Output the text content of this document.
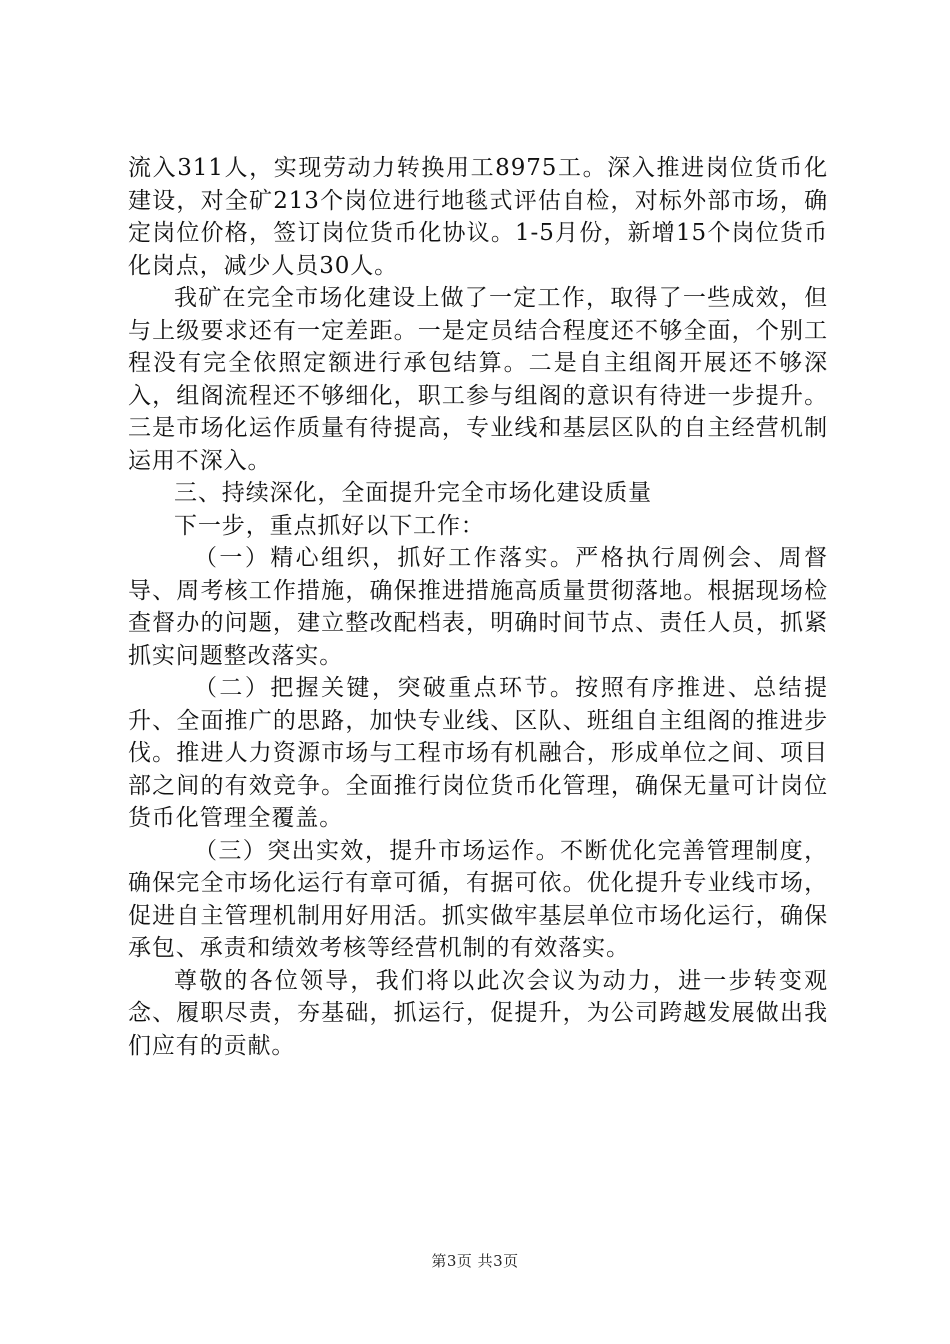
流入311人，实现劳动力转换用工8975工。深入推进岗位货币化建设，对全矿213个岗位进行地毯式评估自检，对标外部市场，确定岗位价格，签订岗位货币化协议。1-5月份，新增15个岗位货币化岗点，减少人员30人。

我矿在完全市场化建设上做了一定工作，取得了一些成效，但与上级要求还有一定差距。一是定员结合程度还不够全面，个别工程没有完全依照定额进行承包结算。二是自主组阁开展还不够深入，组阁流程还不够细化，职工参与组阁的意识有待进一步提升。三是市场化运作质量有待提高，专业线和基层区队的自主经营机制运用不深入。

三、持续深化，全面提升完全市场化建设质量

下一步，重点抓好以下工作：

（一）精心组织，抓好工作落实。严格执行周例会、周督导、周考核工作措施，确保推进措施高质量贯彻落地。根据现场检查督办的问题，建立整改配档表，明确时间节点、责任人员，抓紧抓实问题整改落实。

（二）把握关键，突破重点环节。按照有序推进、总结提升、全面推广的思路，加快专业线、区队、班组自主组阁的推进步伐。推进人力资源市场与工程市场有机融合，形成单位之间、项目部之间的有效竞争。全面推行岗位货币化管理，确保无量可计岗位货币化管理全覆盖。

（三）突出实效，提升市场运作。不断优化完善管理制度，确保完全市场化运行有章可循，有据可依。优化提升专业线市场，促进自主管理机制用好用活。抓实做牢基层单位市场化运行，确保承包、承责和绩效考核等经营机制的有效落实。

尊敬的各位领导，我们将以此次会议为动力，进一步转变观念、履职尽责，夯基础，抓运行，促提升，为公司跨越发展做出我们应有的贡献。

第3页 共3页
